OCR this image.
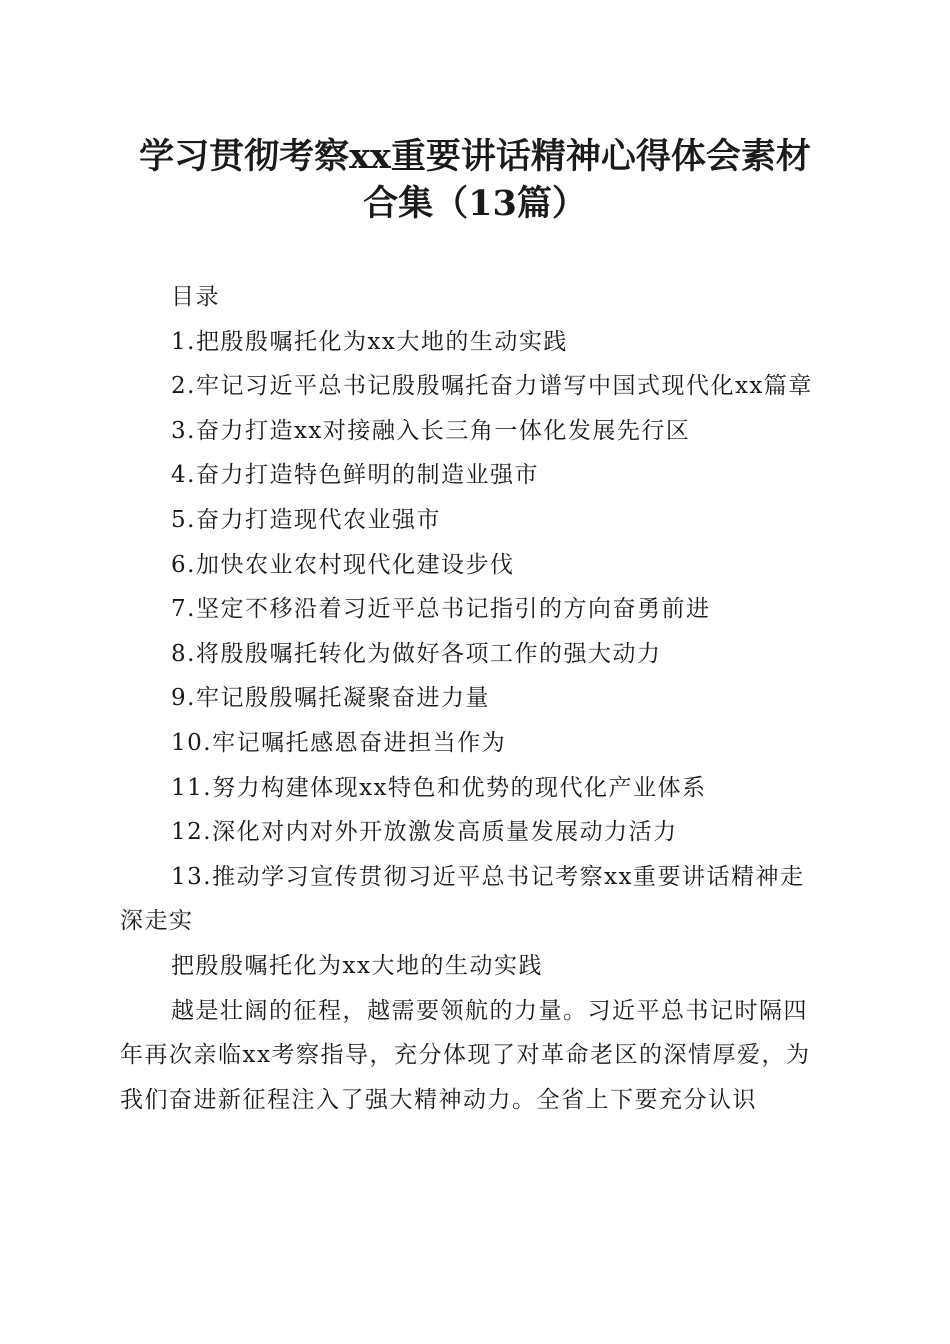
学习贯彻考察xx重要讲话精神心得体会素材
合集（13篇）

目录

1.把殷殷嘱托化为xx大地的生动实践

2.牢记习近平总书记殷殷嘱托奋力谱写中国式现代化xx篇章

3.奋力打造xx对接融入长三角一体化发展先行区

4.奋力打造特色鲜明的制造业强市

5.奋力打造现代农业强市

6.加快农业农村现代化建设步伐

7.坚定不移沿着习近平总书记指引的方向奋勇前进

8.将殷殷嘱托转化为做好各项工作的强大动力

9.牢记殷殷嘱托凝聚奋进力量

10.牢记嘱托感恩奋进担当作为

11.努力构建体现xx特色和优势的现代化产业体系

12.深化对内对外开放激发高质量发展动力活力

13.推动学习宣传贯彻习近平总书记考察xx重要讲话精神走深走实

把殷殷嘱托化为xx大地的生动实践

越是壮阔的征程，越需要领航的力量。习近平总书记时隔四年再次亲临xx考察指导，充分体现了对革命老区的深情厚爱，为我们奋进新征程注入了强大精神动力。全省上下要充分认识
